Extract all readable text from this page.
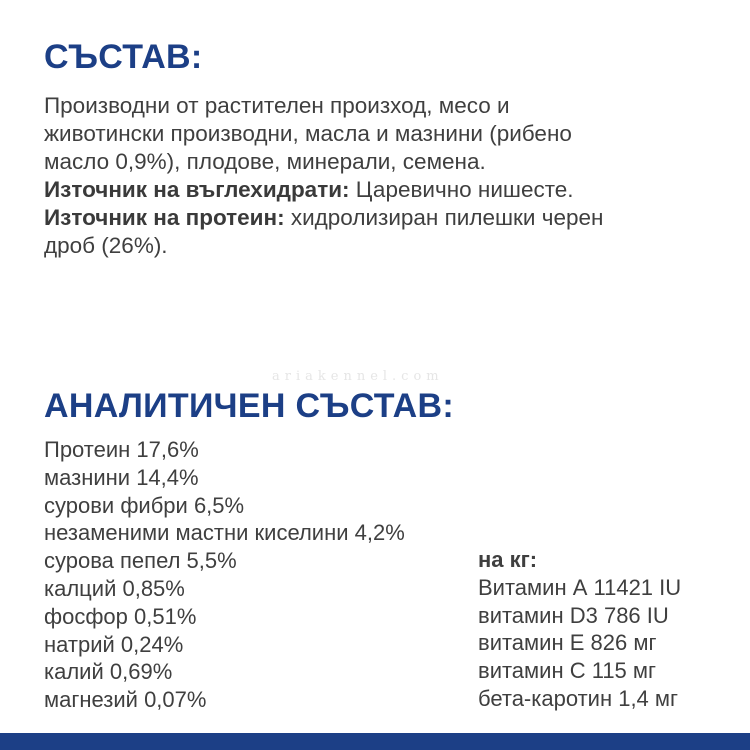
СЪСТАВ:
Производни от растителен произход, месо и
животински производни, масла и мазнини (рибено
масло 0,9%), плодове, минерали, семена.
Източник на въглехидрати: Царевично нишесте.
Източник на протеин: хидролизиран пилешки черен
дроб (26%).
ariakennel.com
АНАЛИТИЧЕН СЪСТАВ:
Протеин 17,6%
мазнини 14,4%
сурови фибри 6,5%
незаменими мастни киселини 4,2%
сурова пепел 5,5%
калций 0,85%
фосфор 0,51%
натрий 0,24%
калий 0,69%
магнезий 0,07%
на кг:
Витамин А 11421 IU
витамин D3 786 IU
витамин Е 826 мг
витамин С 115 мг
бета-каротин 1,4 мг
